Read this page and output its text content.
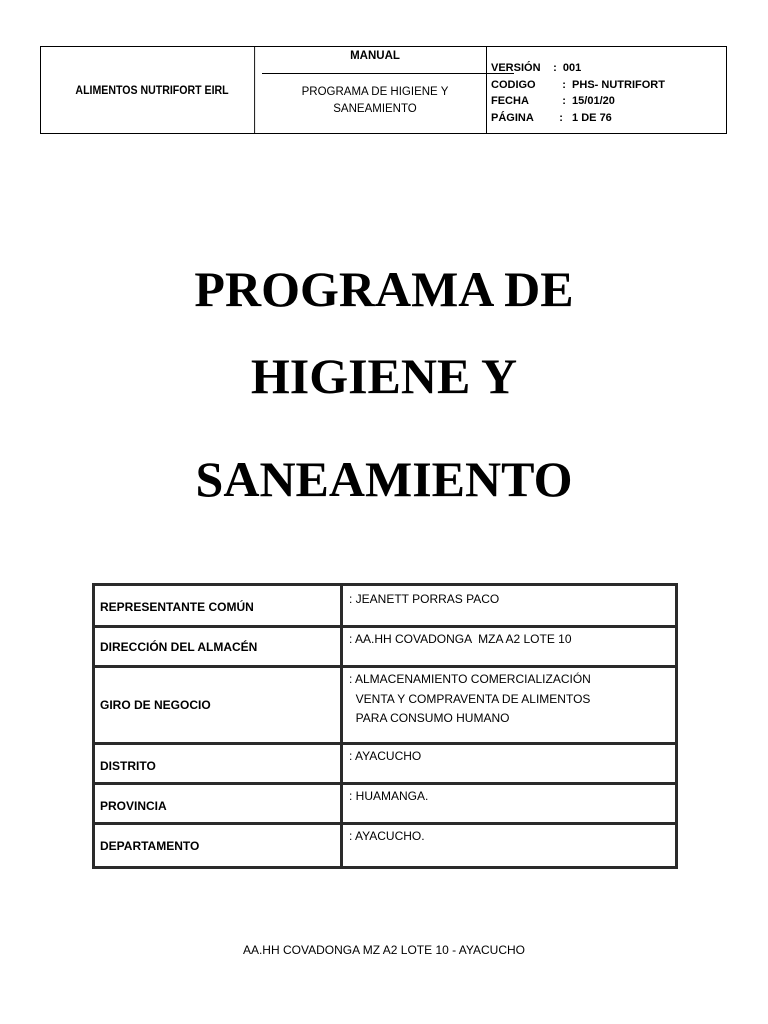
ALIMENTOS NUTRIFORT EIRL
MANUAL
PROGRAMA DE HIGIENE Y
SANEAMIENTO
VERSIÓN :  001
CODIGO	:  PHS- NUTRIFORT
FECHA	:  15/01/20
PÁGINA	:   1 DE 76
PROGRAMA DE
HIGIENE Y
SANEAMIENTO
REPRESENTANTE COMÚN
: JEANETT PORRAS PACO
DIRECCIÓN DEL ALMACÉN
: AA.HH COVADONGA  MZA A2 LOTE 10
GIRO DE NEGOCIO
: ALMACENAMIENTO COMERCIALIZACIÓN
VENTA Y COMPRAVENTA DE ALIMENTOS
PARA CONSUMO HUMANO
DISTRITO
: AYACUCHO
PROVINCIA
: HUAMANGA.
DEPARTAMENTO
: AYACUCHO.
AA.HH COVADONGA MZ A2 LOTE 10 - AYACUCHO
